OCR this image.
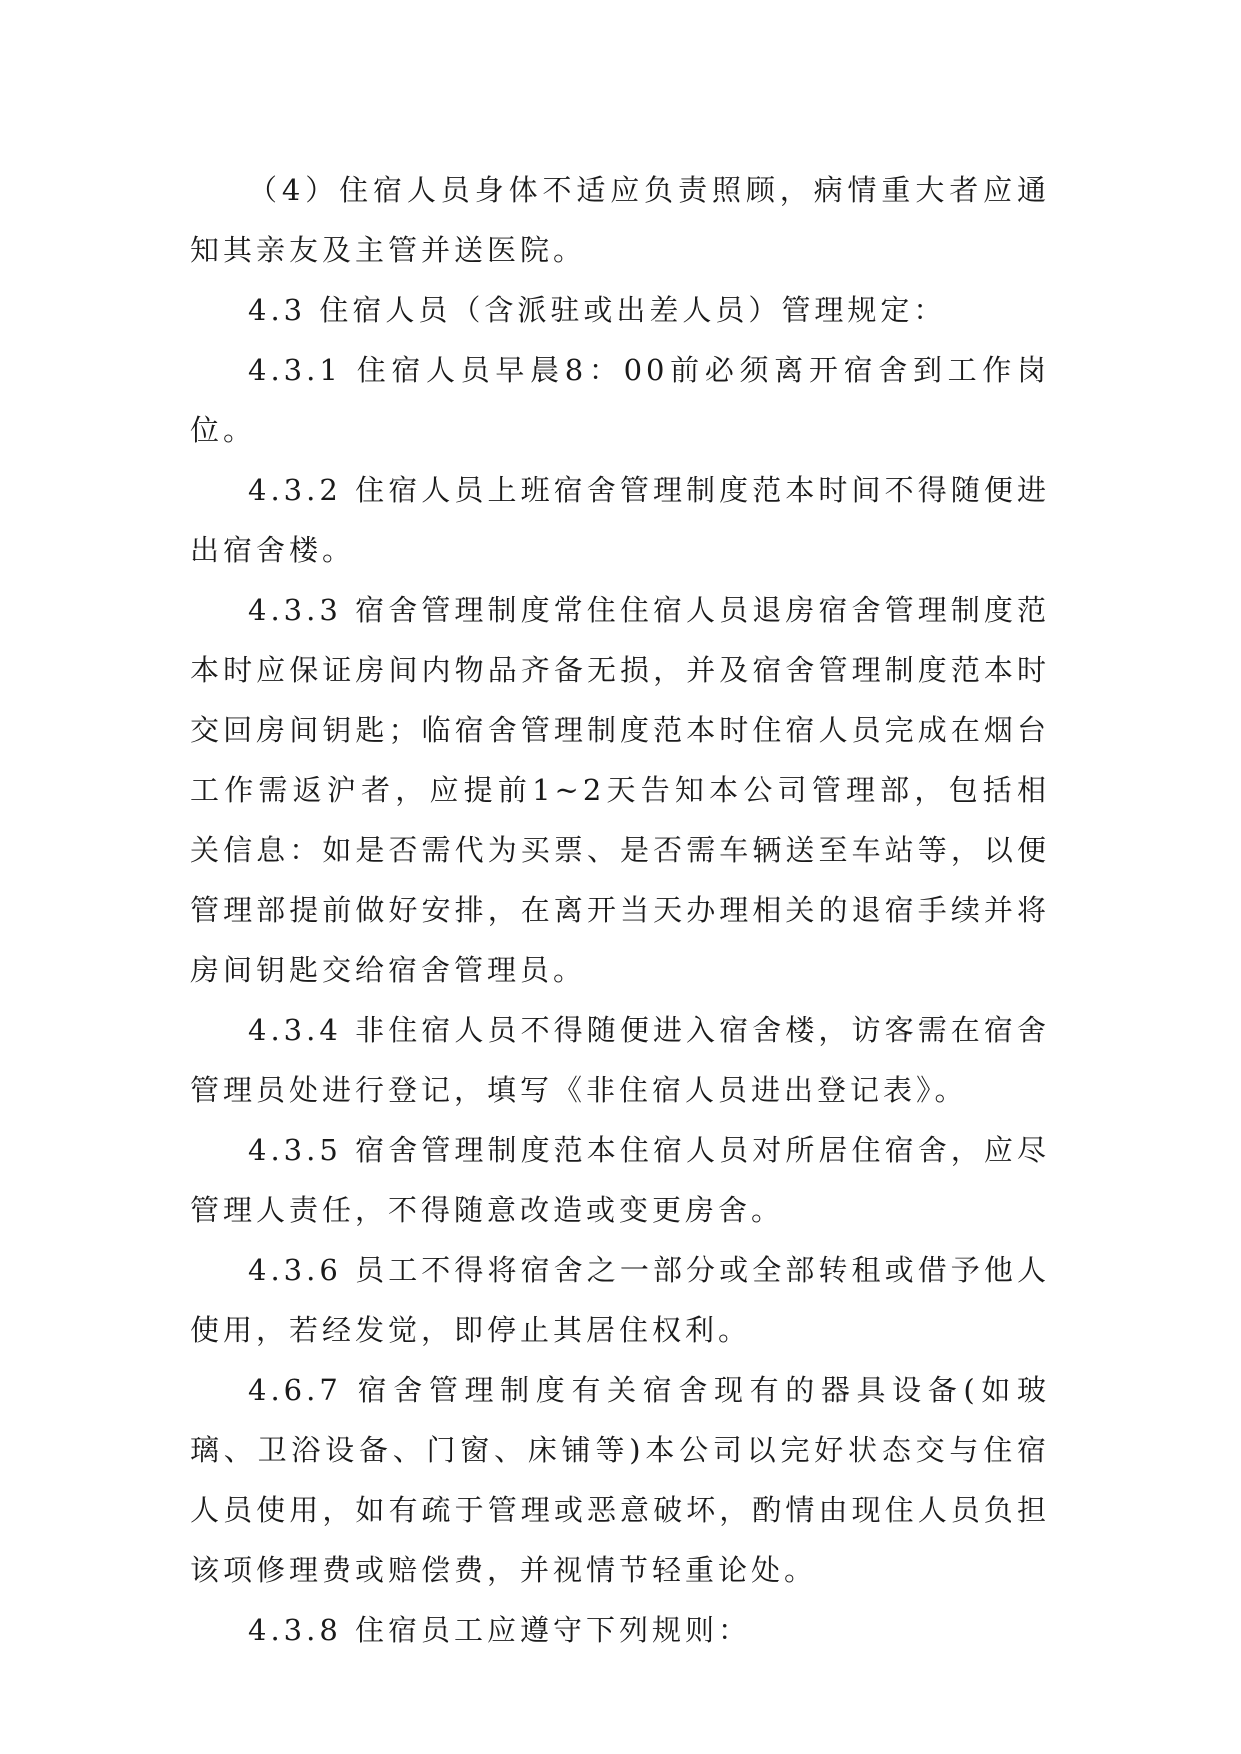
（4）住宿人员身体不适应负责照顾，病情重大者应通知其亲友及主管并送医院。

4.3 住宿人员（含派驻或出差人员）管理规定：

4.3.1 住宿人员早晨8：00前必须离开宿舍到工作岗位。

4.3.2 住宿人员上班宿舍管理制度范本时间不得随便进出宿舍楼。

4.3.3 宿舍管理制度常住住宿人员退房宿舍管理制度范本时应保证房间内物品齐备无损，并及宿舍管理制度范本时交回房间钥匙；临宿舍管理制度范本时住宿人员完成在烟台工作需返沪者，应提前1~2天告知本公司管理部，包括相关信息：如是否需代为买票、是否需车辆送至车站等，以便管理部提前做好安排，在离开当天办理相关的退宿手续并将房间钥匙交给宿舍管理员。

4.3.4 非住宿人员不得随便进入宿舍楼，访客需在宿舍管理员处进行登记，填写《非住宿人员进出登记表》。

4.3.5 宿舍管理制度范本住宿人员对所居住宿舍，应尽管理人责任，不得随意改造或变更房舍。

4.3.6 员工不得将宿舍之一部分或全部转租或借予他人使用，若经发觉，即停止其居住权利。

4.6.7 宿舍管理制度有关宿舍现有的器具设备(如玻璃、卫浴设备、门窗、床铺等)本公司以完好状态交与住宿人员使用，如有疏于管理或恶意破坏，酌情由现住人员负担该项修理费或赔偿费，并视情节轻重论处。

4.3.8 住宿员工应遵守下列规则：
